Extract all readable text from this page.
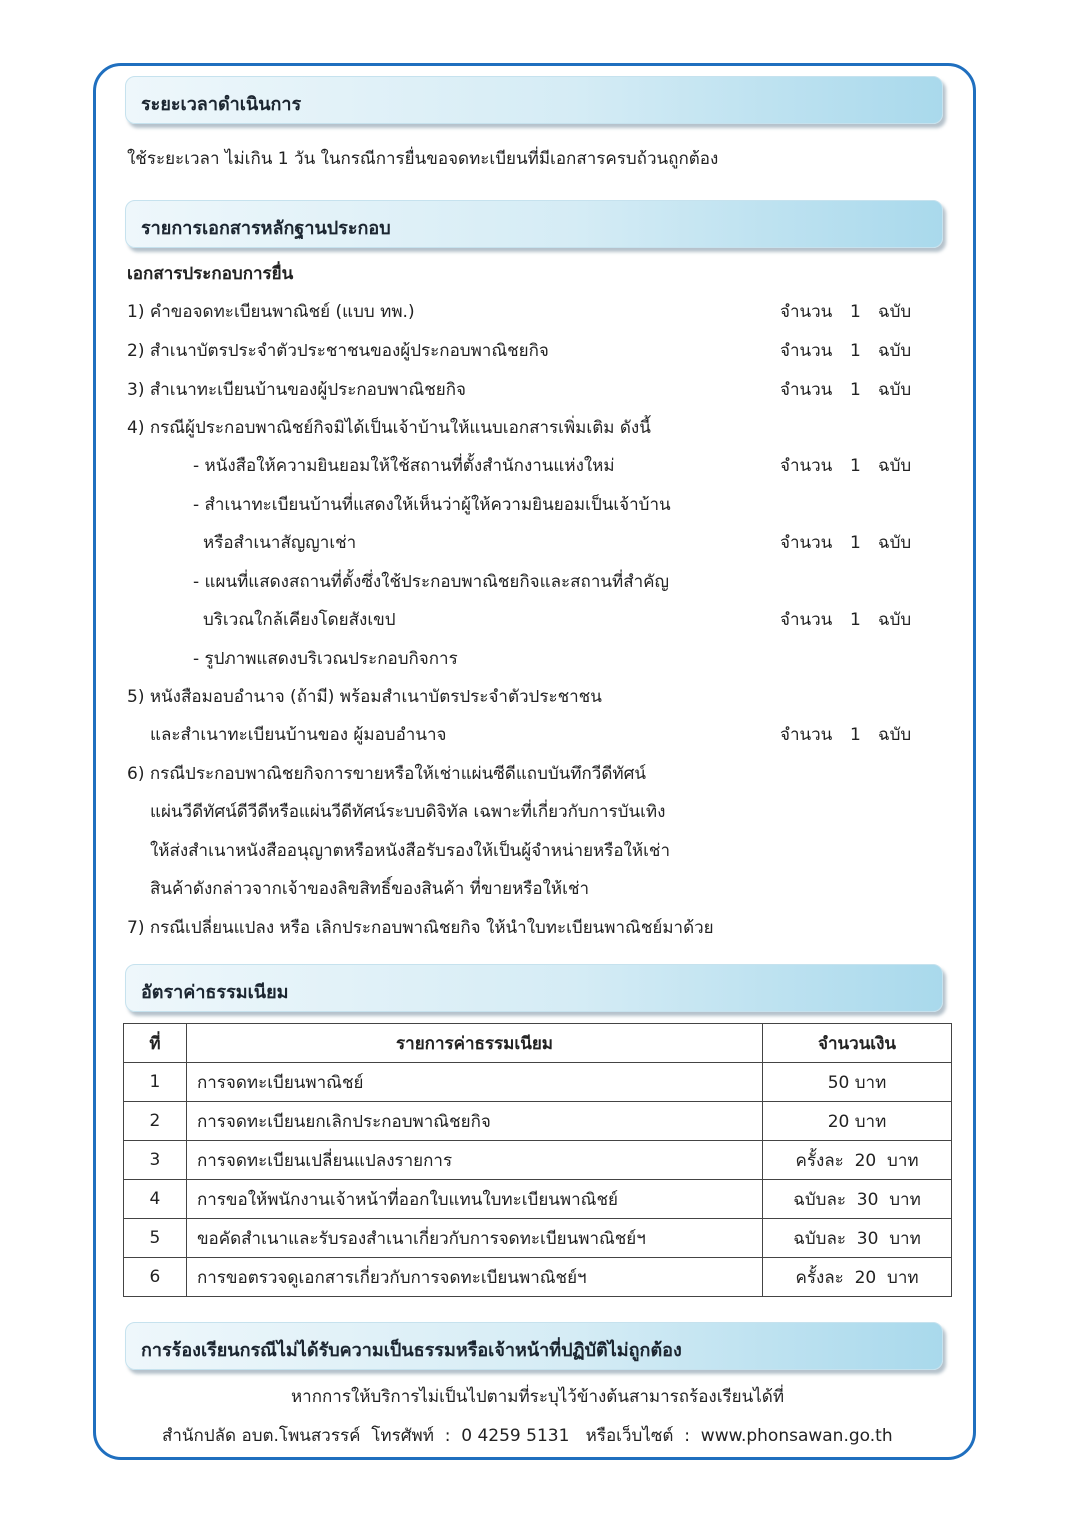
ระยะเวลาดำเนินการ
ใช้ระยะเวลา ไม่เกิน 1 วัน ในกรณีการยื่นขอจดทะเบียนที่มีเอกสารครบถ้วนถูกต้อง
รายการเอกสารหลักฐานประกอบ
เอกสารประกอบการยื่น
1) คำขอจดทะเบียนพาณิชย์ (แบบ ทพ.)	จำนวน 1 ฉบับ
2) สำเนาบัตรประจำตัวประชาชนของผู้ประกอบพาณิชยกิจ	จำนวน 1 ฉบับ
3) สำเนาทะเบียนบ้านของผู้ประกอบพาณิชยกิจ	จำนวน 1 ฉบับ
4) กรณีผู้ประกอบพาณิชย์กิจมิได้เป็นเจ้าบ้านให้แนบเอกสารเพิ่มเติม ดังนี้
- หนังสือให้ความยินยอมให้ใช้สถานที่ตั้งสำนักงานแห่งใหม่	จำนวน 1 ฉบับ
- สำเนาทะเบียนบ้านที่แสดงให้เห็นว่าผู้ให้ความยินยอมเป็นเจ้าบ้าน
หรือสำเนาสัญญาเช่า	จำนวน 1 ฉบับ
- แผนที่แสดงสถานที่ตั้งซึ่งใช้ประกอบพาณิชยกิจและสถานที่สำคัญ
บริเวณใกล้เคียงโดยสังเขป	จำนวน 1 ฉบับ
- รูปภาพแสดงบริเวณประกอบกิจการ
5) หนังสือมอบอำนาจ (ถ้ามี) พร้อมสำเนาบัตรประจำตัวประชาชน
และสำเนาทะเบียนบ้านของ ผู้มอบอำนาจ	จำนวน 1 ฉบับ
6) กรณีประกอบพาณิชยกิจการขายหรือให้เช่าแผ่นซีดีแถบบันทึกวีดีทัศน์
แผ่นวีดีทัศน์ดีวีดีหรือแผ่นวีดีทัศน์ระบบดิจิทัล เฉพาะที่เกี่ยวกับการบันเทิง
ให้ส่งสำเนาหนังสืออนุญาตหรือหนังสือรับรองให้เป็นผู้จำหน่ายหรือให้เช่า
สินค้าดังกล่าวจากเจ้าของลิขสิทธิ์ของสินค้า ที่ขายหรือให้เช่า
7) กรณีเปลี่ยนแปลง หรือ เลิกประกอบพาณิชยกิจ ให้นำใบทะเบียนพาณิชย์มาด้วย
อัตราค่าธรรมเนียม
ที่	รายการค่าธรรมเนียม	จำนวนเงิน
1	การจดทะเบียนพาณิชย์	50 บาท
2	การจดทะเบียนยกเลิกประกอบพาณิชยกิจ	20 บาท
3	การจดทะเบียนเปลี่ยนแปลงรายการ	ครั้งละ  20  บาท
4	การขอให้พนักงานเจ้าหน้าที่ออกใบแทนใบทะเบียนพาณิชย์	ฉบับละ  30  บาท
5	ขอคัดสำเนาและรับรองสำเนาเกี่ยวกับการจดทะเบียนพาณิชย์ฯ	ฉบับละ  30  บาท
6	การขอตรวจดูเอกสารเกี่ยวกับการจดทะเบียนพาณิชย์ฯ	ครั้งละ  20  บาท
การร้องเรียนกรณีไม่ได้รับความเป็นธรรมหรือเจ้าหน้าที่ปฏิบัติไม่ถูกต้อง
หากการให้บริการไม่เป็นไปตามที่ระบุไว้ข้างต้นสามารถร้องเรียนได้ที่
สำนักปลัด อบต.โพนสวรรค์  โทรศัพท์  :  0 4259 5131   หรือเว็บไซต์  :  www.phonsawan.go.th
